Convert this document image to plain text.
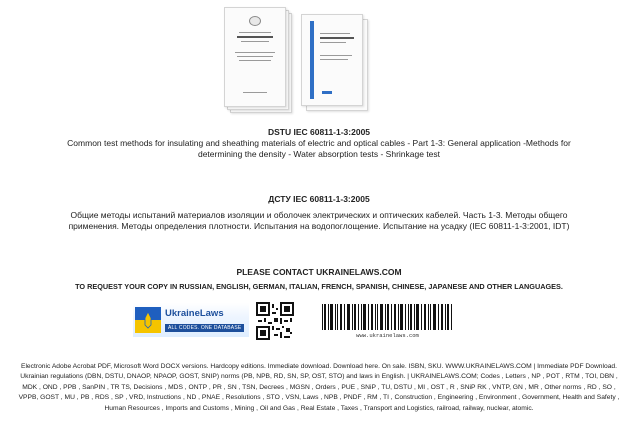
DSTU IEC 60811-1-3:2005
Common test methods for insulating and sheathing materials of electric and optical cables - Part 1-3: General application -Methods for determining the density - Water absorption tests - Shrinkage test
ДСТУ IEC 60811-1-3:2005
Общие методы испытаний материалов изоляции и оболочек электрических и оптических кабелей. Часть 1-3. Методы общего применения. Методы определения плотности. Испытания на водопоглощение. Испытание на усадку (IEC 60811-1-3:2001, IDT)
PLEASE CONTACT UKRAINELAWS.COM
TO REQUEST YOUR COPY IN RUSSIAN, ENGLISH, GERMAN, ITALIAN, FRENCH, SPANISH, CHINESE, JAPANESE AND OTHER LANGUAGES.
UkraineLaws
ALL CODES. ONE DATABASE
www.ukrainelaws.com
Electronic Adobe Acrobat PDF, Microsoft Word DOCX versions. Hardcopy editions. Immediate download. Download here. On sale. ISBN, SKU. WWW.UKRAINELAWS.COM | Immediate PDF Download. Ukrainian regulations (DBN, DSTU, DNAOP, NPAOP, GOST, SNIP) norms (PB, NPB, RD, SN, SP, OST, STO) and laws in English. | UKRAINELAWS.COM; Codes , Letters , NP , POT , RTM , TOI, DBN , MDK , OND , PPB , SanPIN , TR TS, Decisions , MDS , ONTP , PR , SN , TSN, Decrees , MGSN , Orders , PUE , SNiP , TU, DSTU , MI , OST , R , SNiP RK , VNTP, GN , MR , Other norms , RD , SO , VPPB, GOST , MU , PB , RDS , SP , VRD, Instructions , ND , PNAE , Resolutions , STO , VSN, Laws , NPB , PNDF , RM , TI , Construction , Engineering , Environment , Government, Health and Safety , Human Resources , Imports and Customs , Mining , Oil and Gas , Real Estate , Taxes , Transport and Logistics, railroad, railway, nuclear, atomic.
